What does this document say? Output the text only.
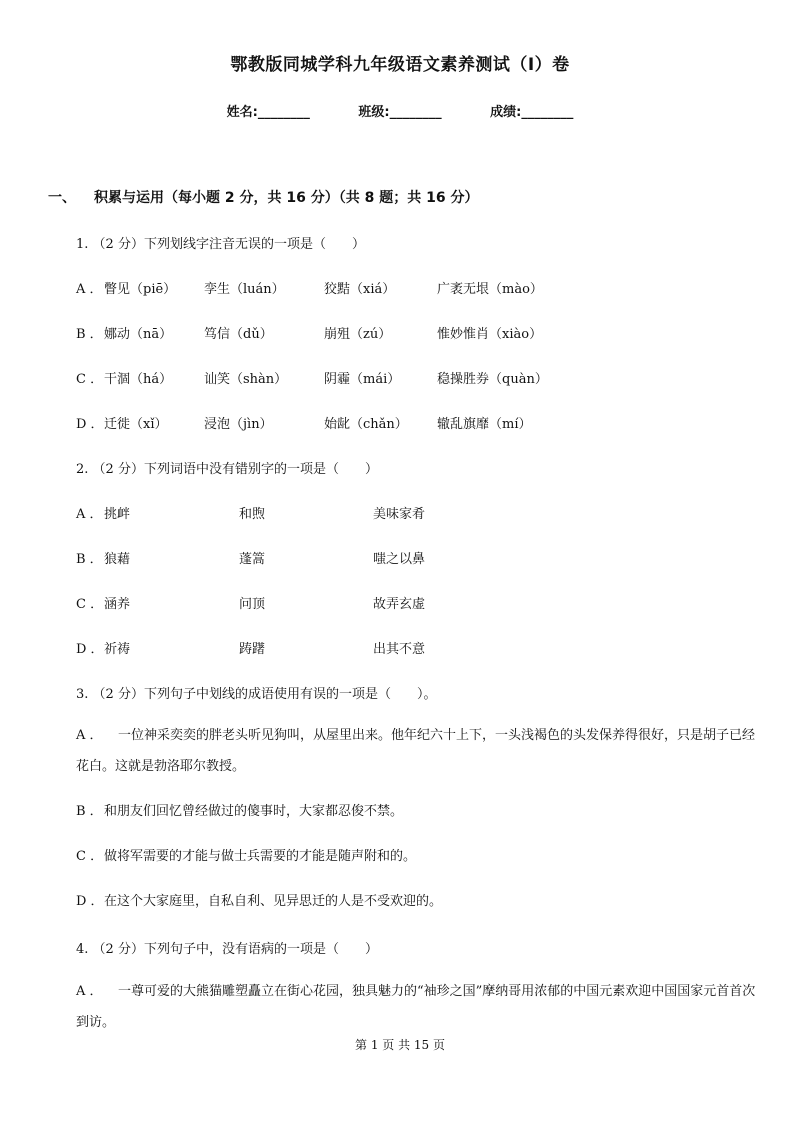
鄂教版同城学科九年级语文素养测试（I）卷
姓名:________	班级:________	成绩:________
一、 积累与运用（每小题 2 分，共 16 分）（共 8 题；共 16 分）
1. （2 分）下列划线字注音无误的一项是（　　）
A ． 瞥见（piē） 孪生（luán）	狡黠（xiá）	广袤无垠（mào）
B ． 娜动（nā） 笃信（dǔ）	崩殂（zú）	惟妙惟肖（xiào）
C ． 干涸（há） 讪笑（shàn）	阴霾（mái）	稳操胜券（quàn）
D ． 迁徙（xǐ）	浸泡（jìn）	始龀（chǎn） 辙乱旗靡（mí）
2. （2 分）下列词语中没有错别字的一项是（　　）
A ． 挑衅	和煦	美味家肴
B ． 狼藉	蓬篙	嗤之以鼻
C ． 涵养	问顶	故弄玄虚
D ． 祈祷	踌躇	出其不意
3. （2 分）下列句子中划线的成语使用有误的一项是（　　）。
A ． 一位神采奕奕的胖老头听见狗叫，从屋里出来。他年纪六十上下，一头浅褐色的头发保养得很好，只是胡子已经花白。这就是勃洛耶尔教授。
B ．和朋友们回忆曾经做过的傻事时，大家都忍俊不禁。
C ．做将军需要的才能与做士兵需要的才能是随声附和的。
D ．在这个大家庭里，自私自利、见异思迁的人是不受欢迎的。
4. （2 分）下列句子中，没有语病的一项是（　　）
A ． 一尊可爱的大熊猫雕塑矗立在街心花园，独具魅力的“袖珍之国”摩纳哥用浓郁的中国元素欢迎中国国家元首首次到访。
第 1 页 共 15 页
